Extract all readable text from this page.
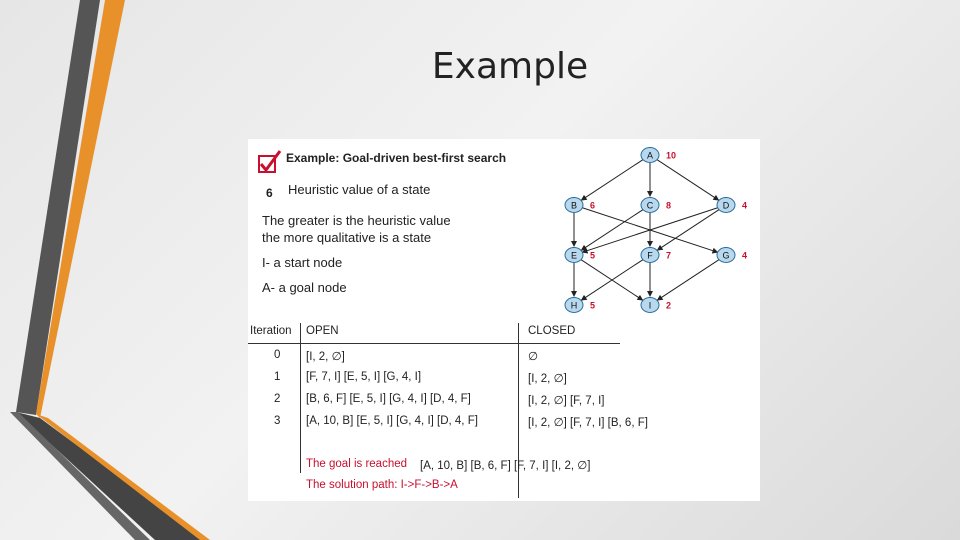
Example
Example: Goal-driven best-first search
6 Heuristic value of a state
The greater is the heuristic value
the more qualitative is a state
I- a start node
A- a goal node
A 10
B 6	C 8	D 4
E 5	F 7	G 4
H 5	I 2
Iteration OPEN	CLOSED
0 [I, 2, ∅]	∅
1 [F, 7, I] [E, 5, I] [G, 4, I]	[I, 2, ∅]
2 [B, 6, F] [E, 5, I] [G, 4, I] [D, 4, F]	[I, 2, ∅] [F, 7, I]
3 [A, 10, B] [E, 5, I] [G, 4, I] [D, 4, F]	[I, 2, ∅] [F, 7, I] [B, 6, F]
The goal is reached [A, 10, B] [B, 6, F] [F, 7, I] [I, 2, ∅]
The solution path: I->F->B->A
